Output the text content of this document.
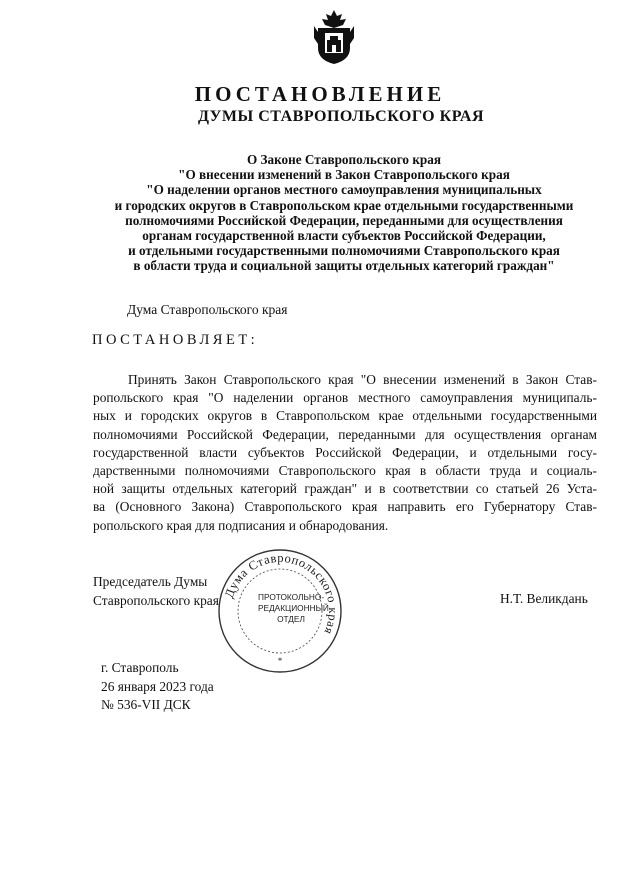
ПОСТАНОВЛЕНИЕ
ДУМЫ СТАВРОПОЛЬСКОГО КРАЯ
О Законе Ставропольского края
"О внесении изменений в Закон Ставропольского края
"О наделении органов местного самоуправления муниципальных
и городских округов в Ставропольском крае отдельными государственными
полномочиями Российской Федерации, переданными для осуществления
органам государственной власти субъектов Российской Федерации,
и отдельными государственными полномочиями Ставропольского края
в области труда и социальной защиты отдельных категорий граждан"
Дума Ставропольского края
ПОСТАНОВЛЯЕТ:
Принять Закон Ставропольского края "О внесении изменений в Закон Став-
ропольского края "О наделении органов местного самоуправления муниципаль-
ных и городских округов в Ставропольском крае отдельными государственными
полномочиями Российской Федерации, переданными для осуществления органам
государственной власти субъектов Российской Федерации, и отдельными госу-
дарственными полномочиями Ставропольского края в области труда и социаль-
ной защиты отдельных категорий граждан" и в соответствии со статьей 26 Уста-
ва (Основного Закона) Ставропольского края направить его Губернатору Став-
ропольского края для подписания и обнародования.
Председатель Думы
Ставропольского края	Н.Т. Великдань
Дума Ставропольского края
*
ПРОТОКОЛЬНО-
РЕДАКЦИОННЫЙ
ОТДЕЛ
г. Ставрополь
26 января 2023 года
№ 536-VII ДСК
